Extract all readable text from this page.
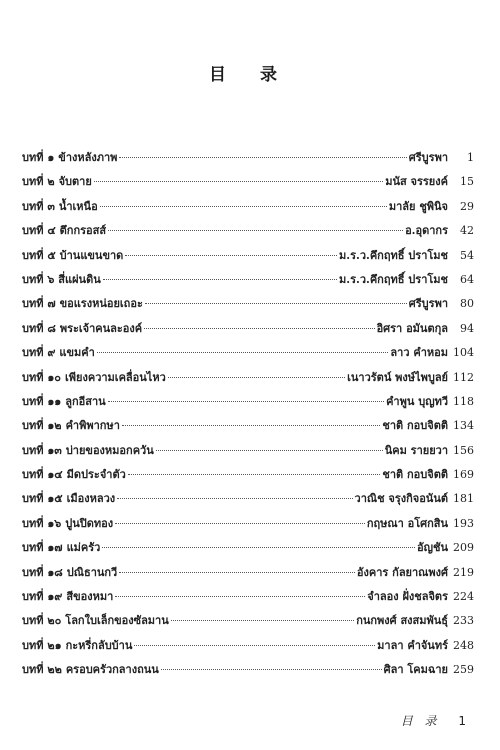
目 录
บทที่ ๑ ข้างหลังภาพ	ศรีบูรพา	1
บทที่ ๒ จับตาย	มนัส จรรยงค์	15
บทที่ ๓ น้ำเหนือ	มาลัย ชูพินิจ	29
บทที่ ๔ ตึกกรอสส์	อ.อุดากร	42
บทที่ ๕ บ้านแขนขาด	ม.ร.ว.คึกฤทธิ์ ปราโมช	54
บทที่ ๖ สี่แผ่นดิน	ม.ร.ว.คึกฤทธิ์ ปราโมช	64
บทที่ ๗ ขอแรงหน่อยเถอะ	ศรีบูรพา	80
บทที่ ๘ พระเจ้าคนละองค์	อิศรา อมันตกุล	94
บทที่ ๙ แขมคำ	ลาว คำหอม 104
บทที่ ๑๐ เพียงความเคลื่อนไหว	เนาวรัตน์ พงษ์ไพบูลย์ 112
บทที่ ๑๑ ลูกอีสาน	คำพูน บุญทวี 118
บทที่ ๑๒ คำพิพากษา	ชาติ กอบจิตติ 134
บทที่ ๑๓ บ่ายของหมอกควัน	นิคม รายยวา 156
บทที่ ๑๔ มีดประจำตัว	ชาติ กอบจิตติ 169
บทที่ ๑๕ เมืองหลวง	วาณิช จรุงกิจอนันต์ 181
บทที่ ๑๖ ปูนปิดทอง	กฤษณา อโศกสิน 193
บทที่ ๑๗ แม่ครัว	อัญชัน 209
บทที่ ๑๘ ปณิธานกวี	อังคาร กัลยาณพงศ์ 219
บทที่ ๑๙ สีของหมา	จำลอง ฝั่งชลจิตร 224
บทที่ ๒๐ โลกใบเล็กของซัลมาน	กนกพงศ์ สงสมพันธุ์ 233
บทที่ ๒๑ กะหรี่กลับบ้าน	มาลา คำจันทร์ 248
บทที่ ๒๒ ครอบครัวกลางถนน	ศิลา โคมฉาย 259
目 录 1
